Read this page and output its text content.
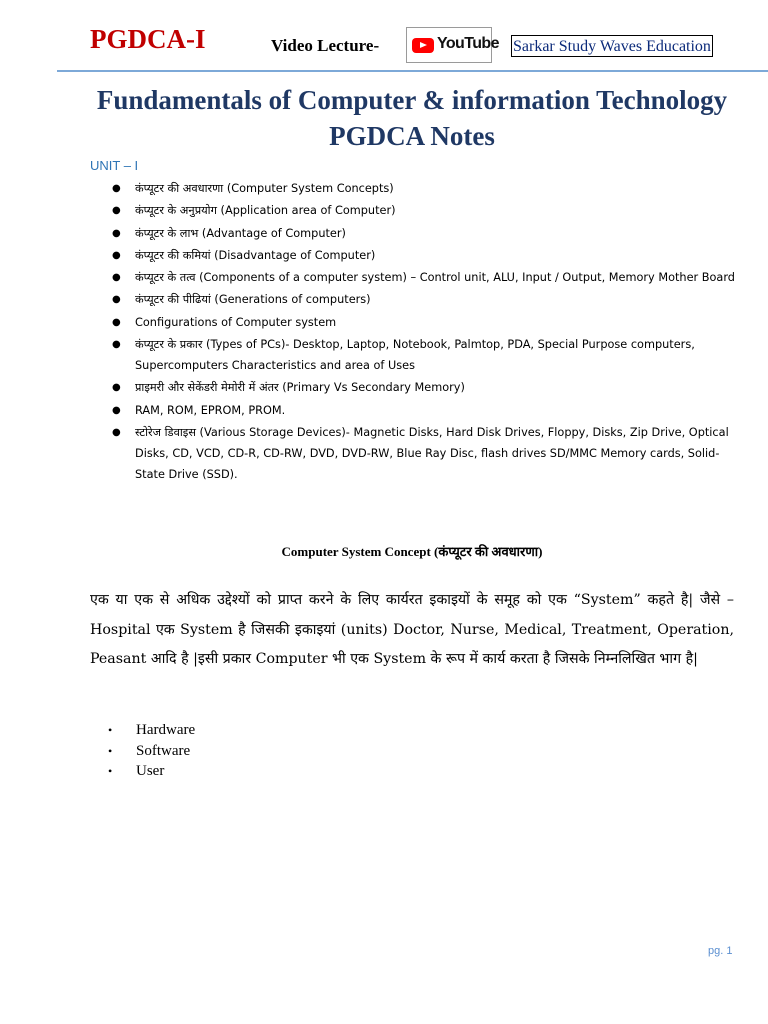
PGDCA-I	Video Lecture-	YouTube Sarkar Study Waves Education
Fundamentals of Computer & information Technology PGDCA Notes
UNIT – I
● कंप्यूटर की अवधारणा (Computer System Concepts)
● कंप्यूटर के अनुप्रयोग (Application area of Computer)
● कंप्यूटर के लाभ (Advantage of Computer)
● कंप्यूटर की कमियां (Disadvantage of Computer)
● कंप्यूटर के तत्व (Components of a computer system) – Control unit, ALU, Input / Output, Memory Mother Board
● कंप्यूटर की पीढियां (Generations of computers)
● Configurations of Computer system
● कंप्यूटर के प्रकार (Types of PCs)- Desktop, Laptop, Notebook, Palmtop, PDA, Special Purpose computers, Supercomputers Characteristics and area of Uses
● प्राइमरी और सेकेंडरी मेमोरी में अंतर (Primary Vs Secondary Memory)
● RAM, ROM, EPROM, PROM.
● स्टोरेज डिवाइस (Various Storage Devices)- Magnetic Disks, Hard Disk Drives, Floppy, Disks, Zip Drive, Optical Disks, CD, VCD, CD-R, CD-RW, DVD, DVD-RW, Blue Ray Disc, flash drives SD/MMC Memory cards, Solid-State Drive (SSD).
Computer System Concept (कंप्यूटर की अवधारणा)

एक या एक से अधिक उद्देश्यों को प्राप्त करने के लिए कार्यरत इकाइयों के समूह को एक “System” कहते है| जैसे – Hospital एक System है जिसकी इकाइयां (units) Doctor, Nurse, Medical, Treatment, Operation, Peasant आदि है |इसी प्रकार Computer भी एक System के रूप में कार्य करता है जिसके निम्नलिखित भाग है|

• Hardware
• Software
• User
pg. 1
